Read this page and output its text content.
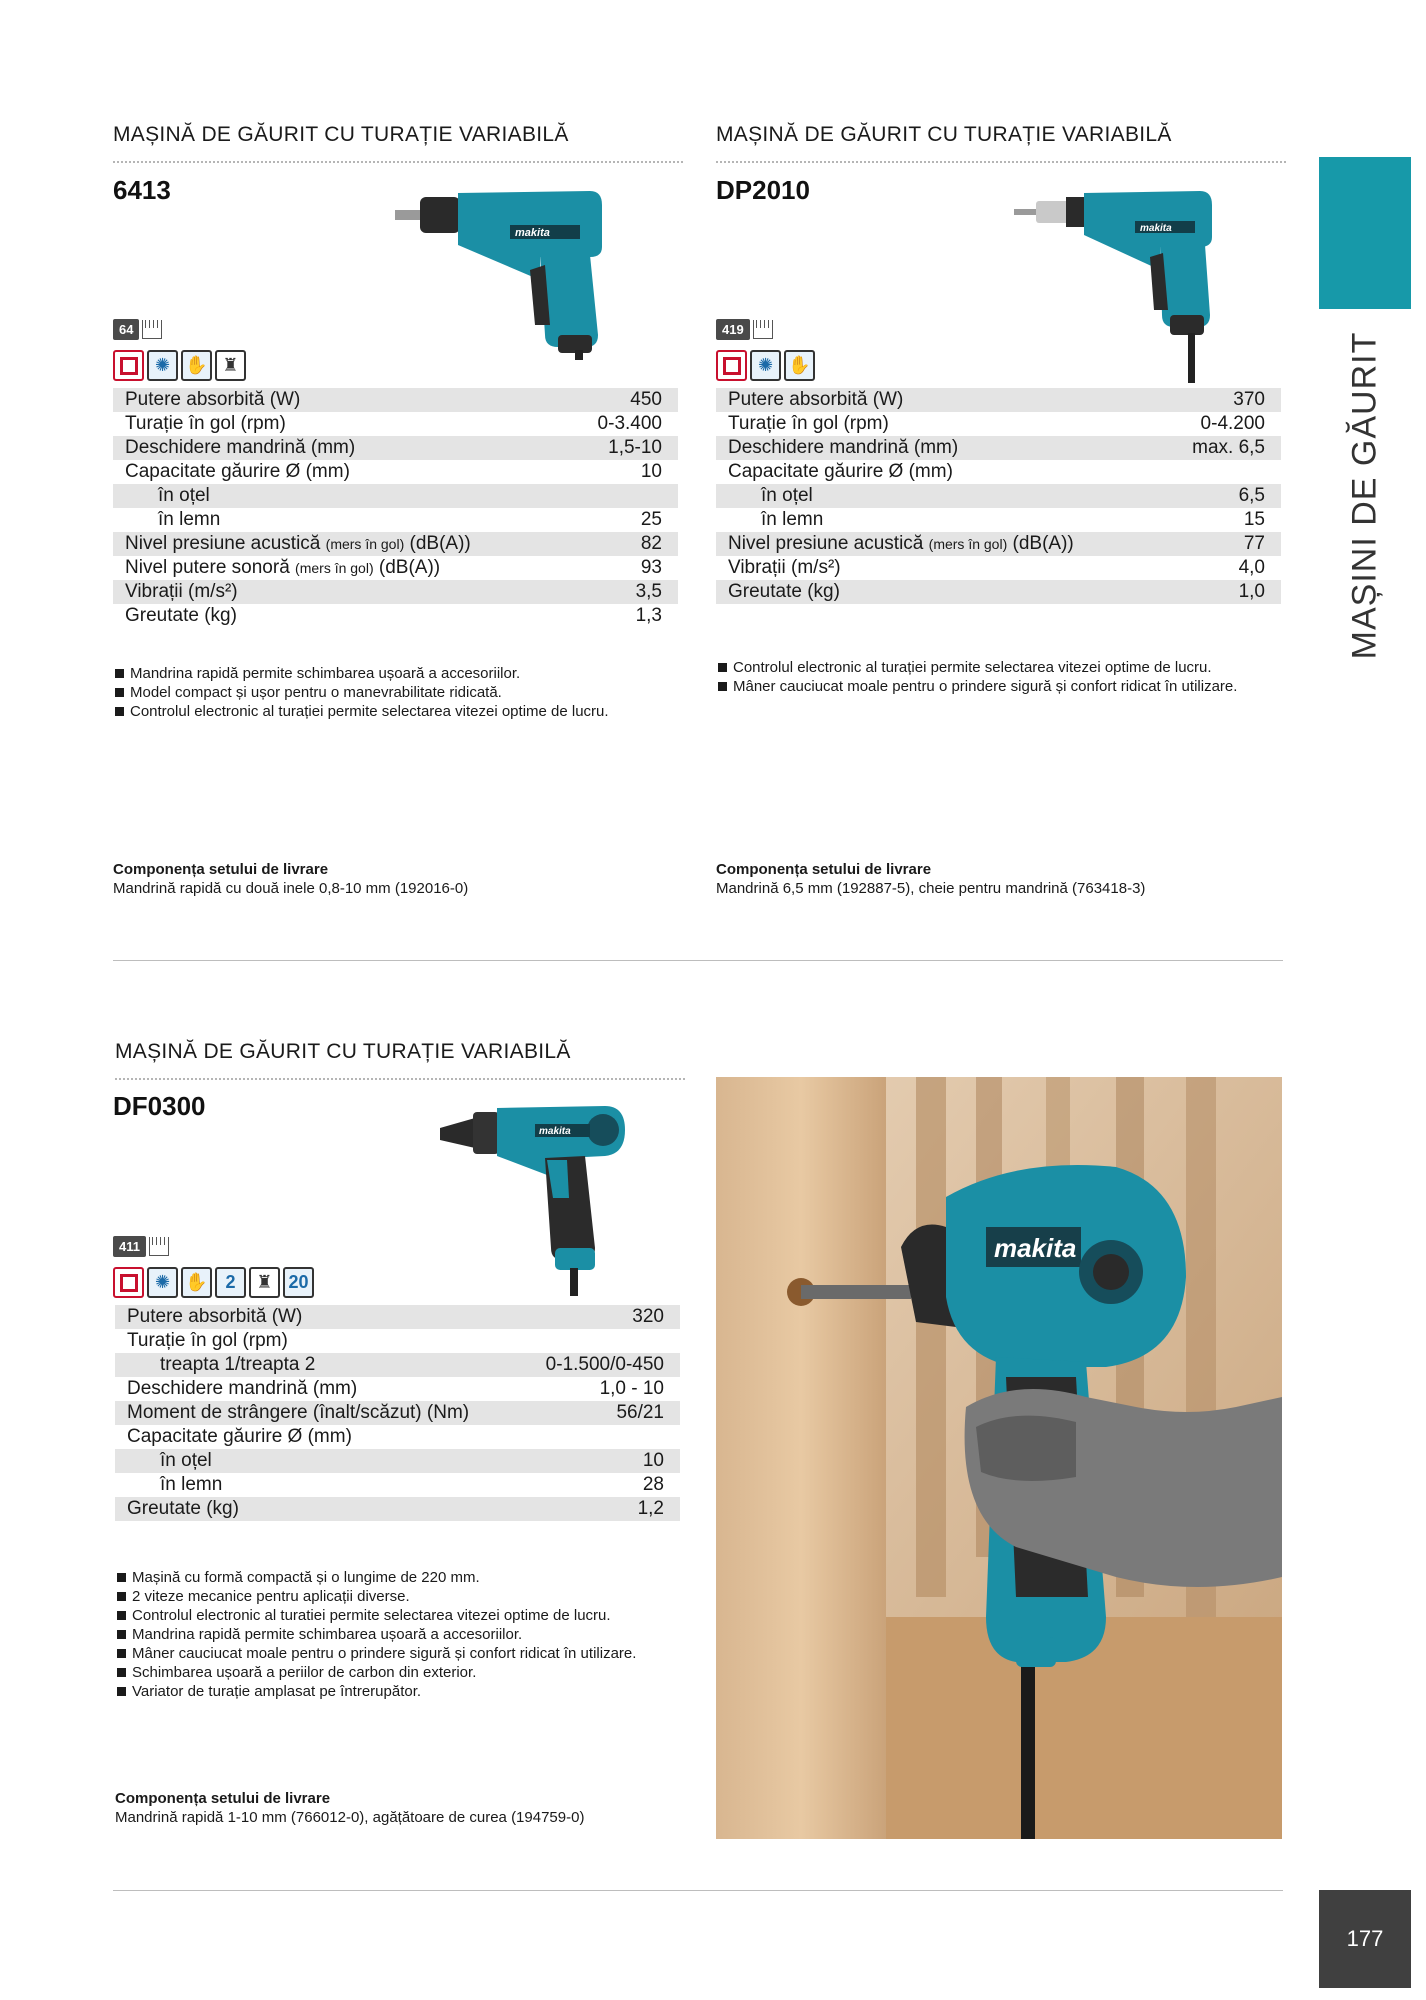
MAȘINĂ DE GĂURIT CU TURAȚIE VARIABILĂ
6413
makita
64
✺ ✋ ♜
Putere absorbită (W)	450
Turație în gol (rpm)	0-3.400
Deschidere mandrină (mm)	1,5-10
Capacitate găurire Ø (mm)	10
în oțel	
în lemn	25
Nivel presiune acustică (mers în gol) (dB(A))	82
Nivel putere sonoră (mers în gol) (dB(A))	93
Vibrații (m/s²)	3,5
Greutate (kg)	1,3
Mandrina rapidă permite schimbarea ușoară a accesoriilor.
Model compact și ușor pentru o manevrabilitate ridicată.
Controlul electronic al turației permite selectarea vitezei optime de lucru.
Componența setului de livrare
Mandrină rapidă cu două inele 0,8-10 mm (192016-0)
MAȘINĂ DE GĂURIT CU TURAȚIE VARIABILĂ
DP2010
makita
419
✺ ✋
Putere absorbită (W)	370
Turație în gol (rpm)	0-4.200
Deschidere mandrină (mm)	max. 6,5
Capacitate găurire Ø (mm)	
în oțel	6,5
în lemn	15
Nivel presiune acustică (mers în gol) (dB(A))	77
Vibrații (m/s²)	4,0
Greutate (kg)	1,0
Controlul electronic al turației permite selectarea vitezei optime de lucru.
Mâner cauciucat moale pentru o prindere sigură și confort ridicat în utilizare.
Componența setului de livrare
Mandrină 6,5 mm (192887-5), cheie pentru mandrină (763418-3)
MAȘINĂ DE GĂURIT CU TURAȚIE VARIABILĂ
DF0300
makita
411
✺ ✋ 2	♜ 20
Putere absorbită (W)	320
Turație în gol (rpm)	
treapta 1/treapta 2	0-1.500/0-450
Deschidere mandrină (mm)	1,0 - 10
Moment de strângere (înalt/scăzut) (Nm)	56/21
Capacitate găurire Ø (mm)	
în oțel	10
în lemn	28
Greutate (kg)	1,2
Mașină cu formă compactă și o lungime de 220 mm.
2 viteze mecanice pentru aplicații diverse.
Controlul electronic al turatiei permite selectarea vitezei optime de lucru.
Mandrina rapidă permite schimbarea ușoară a accesoriilor.
Mâner cauciucat moale pentru o prindere sigură și confort ridicat în utilizare.
Schimbarea ușoară a periilor de carbon din exterior.
Variator de turație amplasat pe întrerupător.
Componența setului de livrare
Mandrină rapidă 1-10 mm (766012-0), agățătoare de curea (194759-0)
makita
MAȘINI DE GĂURIT
177
